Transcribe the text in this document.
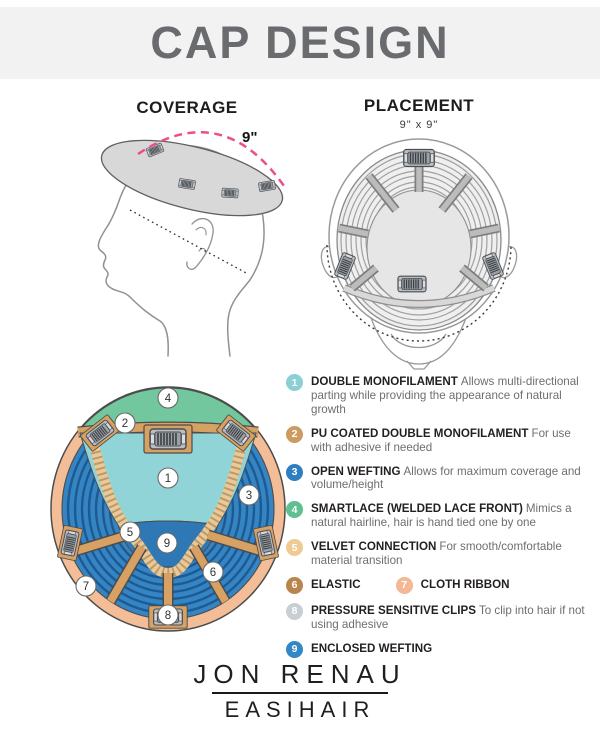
CAP DESIGN
COVERAGE	PLACEMENT
9" x 9"
9"
1
2
3
4
5
6
7
8
9
1	DOUBLE MONOFILAMENT Allows multi-directional parting while providing the appearance of natural growth

2	PU COATED DOUBLE MONOFILAMENT For use with adhesive if needed

3	OPEN WEFTING Allows for maximum coverage and volume/height

4	SMARTLACE (WELDED LACE FRONT) Mimics a natural hairline, hair is hand tied one by one

5	VELVET CONNECTION For smooth/comfortable material transition

6	ELASTIC	7	CLOTH RIBBON

8	PRESSURE SENSITIVE CLIPS To clip into hair if not using adhesive

9	ENCLOSED WEFTING

JON RENAU
EASIHAIR
